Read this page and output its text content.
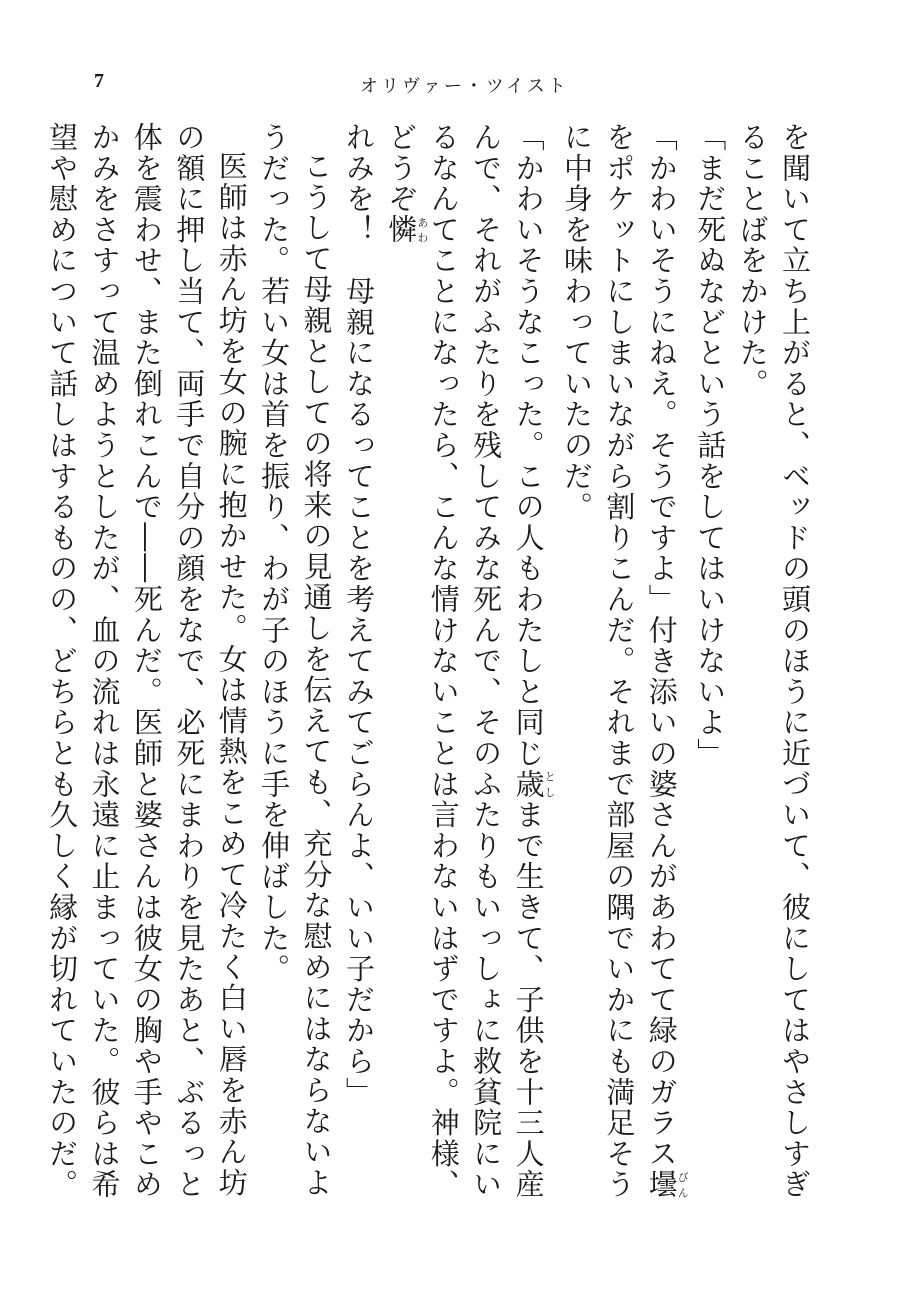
7	オリヴァー・ツイスト

を聞いて立ち上がると、ベッドの頭のほうに近づいて、彼にしてはやさしすぎることばをかけた。

「まだ死ぬなどという話をしてはいけないよ」

「かわいそうにねえ。そうですよ」付き添いの婆さんがあわてて緑のガラス壜びんをポケットにしまいながら割りこんだ。それまで部屋の隅でいかにも満足そうに中身を味わっていたのだ。

「かわいそうなこった。この人もわたしと同じ歳としまで生きて、子供を十三人産んで、それがふたりを残してみな死んで、そのふたりもいっしょに救貧院にいるなんてことになったら、こんな情けないことは言わないはずですよ。神様、どうぞ憐あわれみを！　母親になるってことを考えてみてごらんよ、いい子だから」

こうして母親としての将来の見通しを伝えても、充分な慰めにはならないようだった。若い女は首を振り、わが子のほうに手を伸ばした。

医師は赤ん坊を女の腕に抱かせた。女は情熱をこめて冷たく白い唇を赤ん坊の額に押し当て、両手で自分の顔をなで、必死にまわりを見たあと、ぶるっと体を震わせ、また倒れこんで――死んだ。医師と婆さんは彼女の胸や手やこめかみをさすって温めようとしたが、血の流れは永遠に止まっていた。彼らは希望や慰めについて話しはするものの、どちらとも久しく縁が切れていたのだ。
